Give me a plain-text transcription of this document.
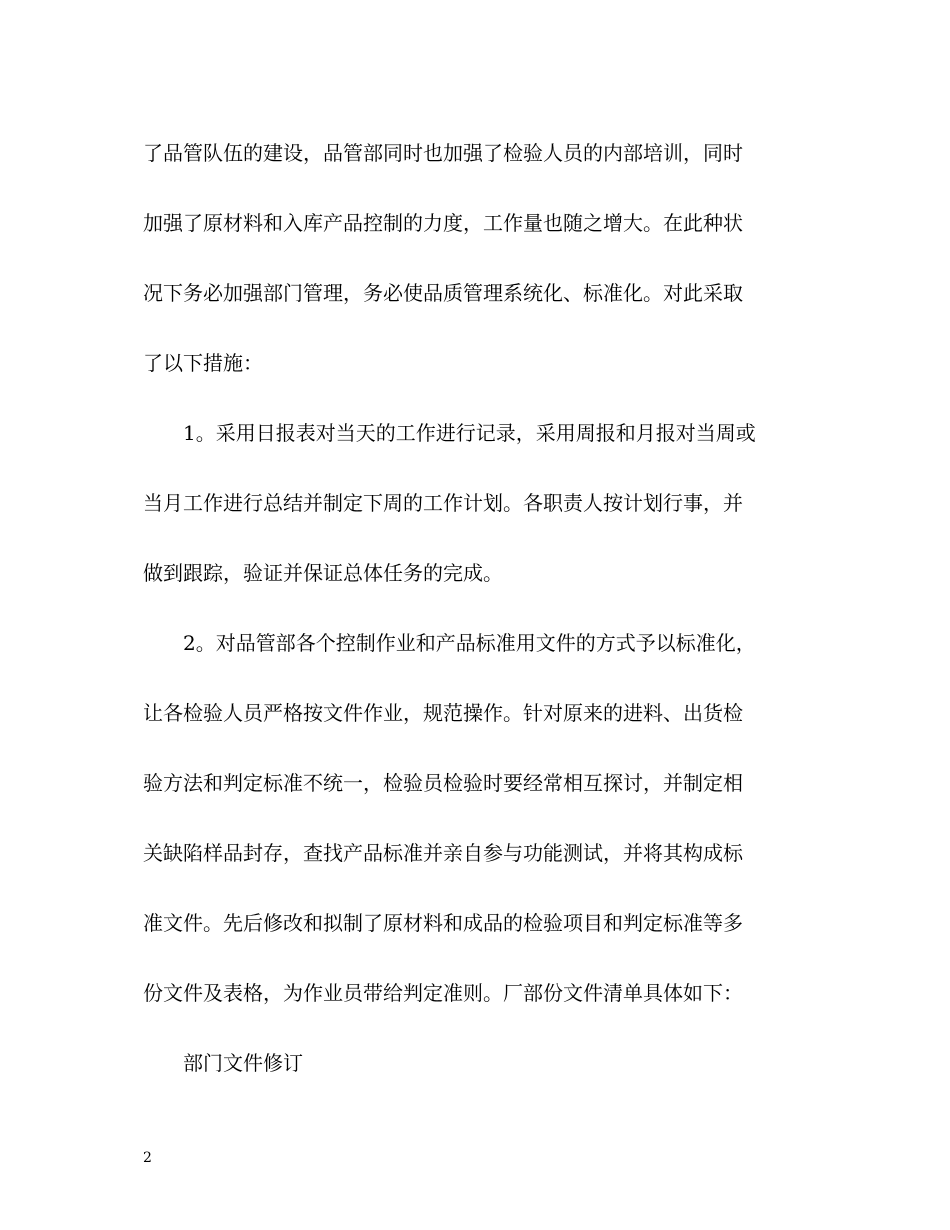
了品管队伍的建设，品管部同时也加强了检验人员的内部培训，同时
加强了原材料和入库产品控制的力度，工作量也随之增大。在此种状
况下务必加强部门管理，务必使品质管理系统化、标准化。对此采取
了以下措施：
1。采用日报表对当天的工作进行记录，采用周报和月报对当周或
当月工作进行总结并制定下周的工作计划。各职责人按计划行事，并
做到跟踪，验证并保证总体任务的完成。
2。对品管部各个控制作业和产品标准用文件的方式予以标准化，
让各检验人员严格按文件作业，规范操作。针对原来的进料、出货检
验方法和判定标准不统一，检验员检验时要经常相互探讨，并制定相
关缺陷样品封存，查找产品标准并亲自参与功能测试，并将其构成标
准文件。先后修改和拟制了原材料和成品的检验项目和判定标准等多
份文件及表格，为作业员带给判定准则。厂部份文件清单具体如下：
部门文件修订
2
